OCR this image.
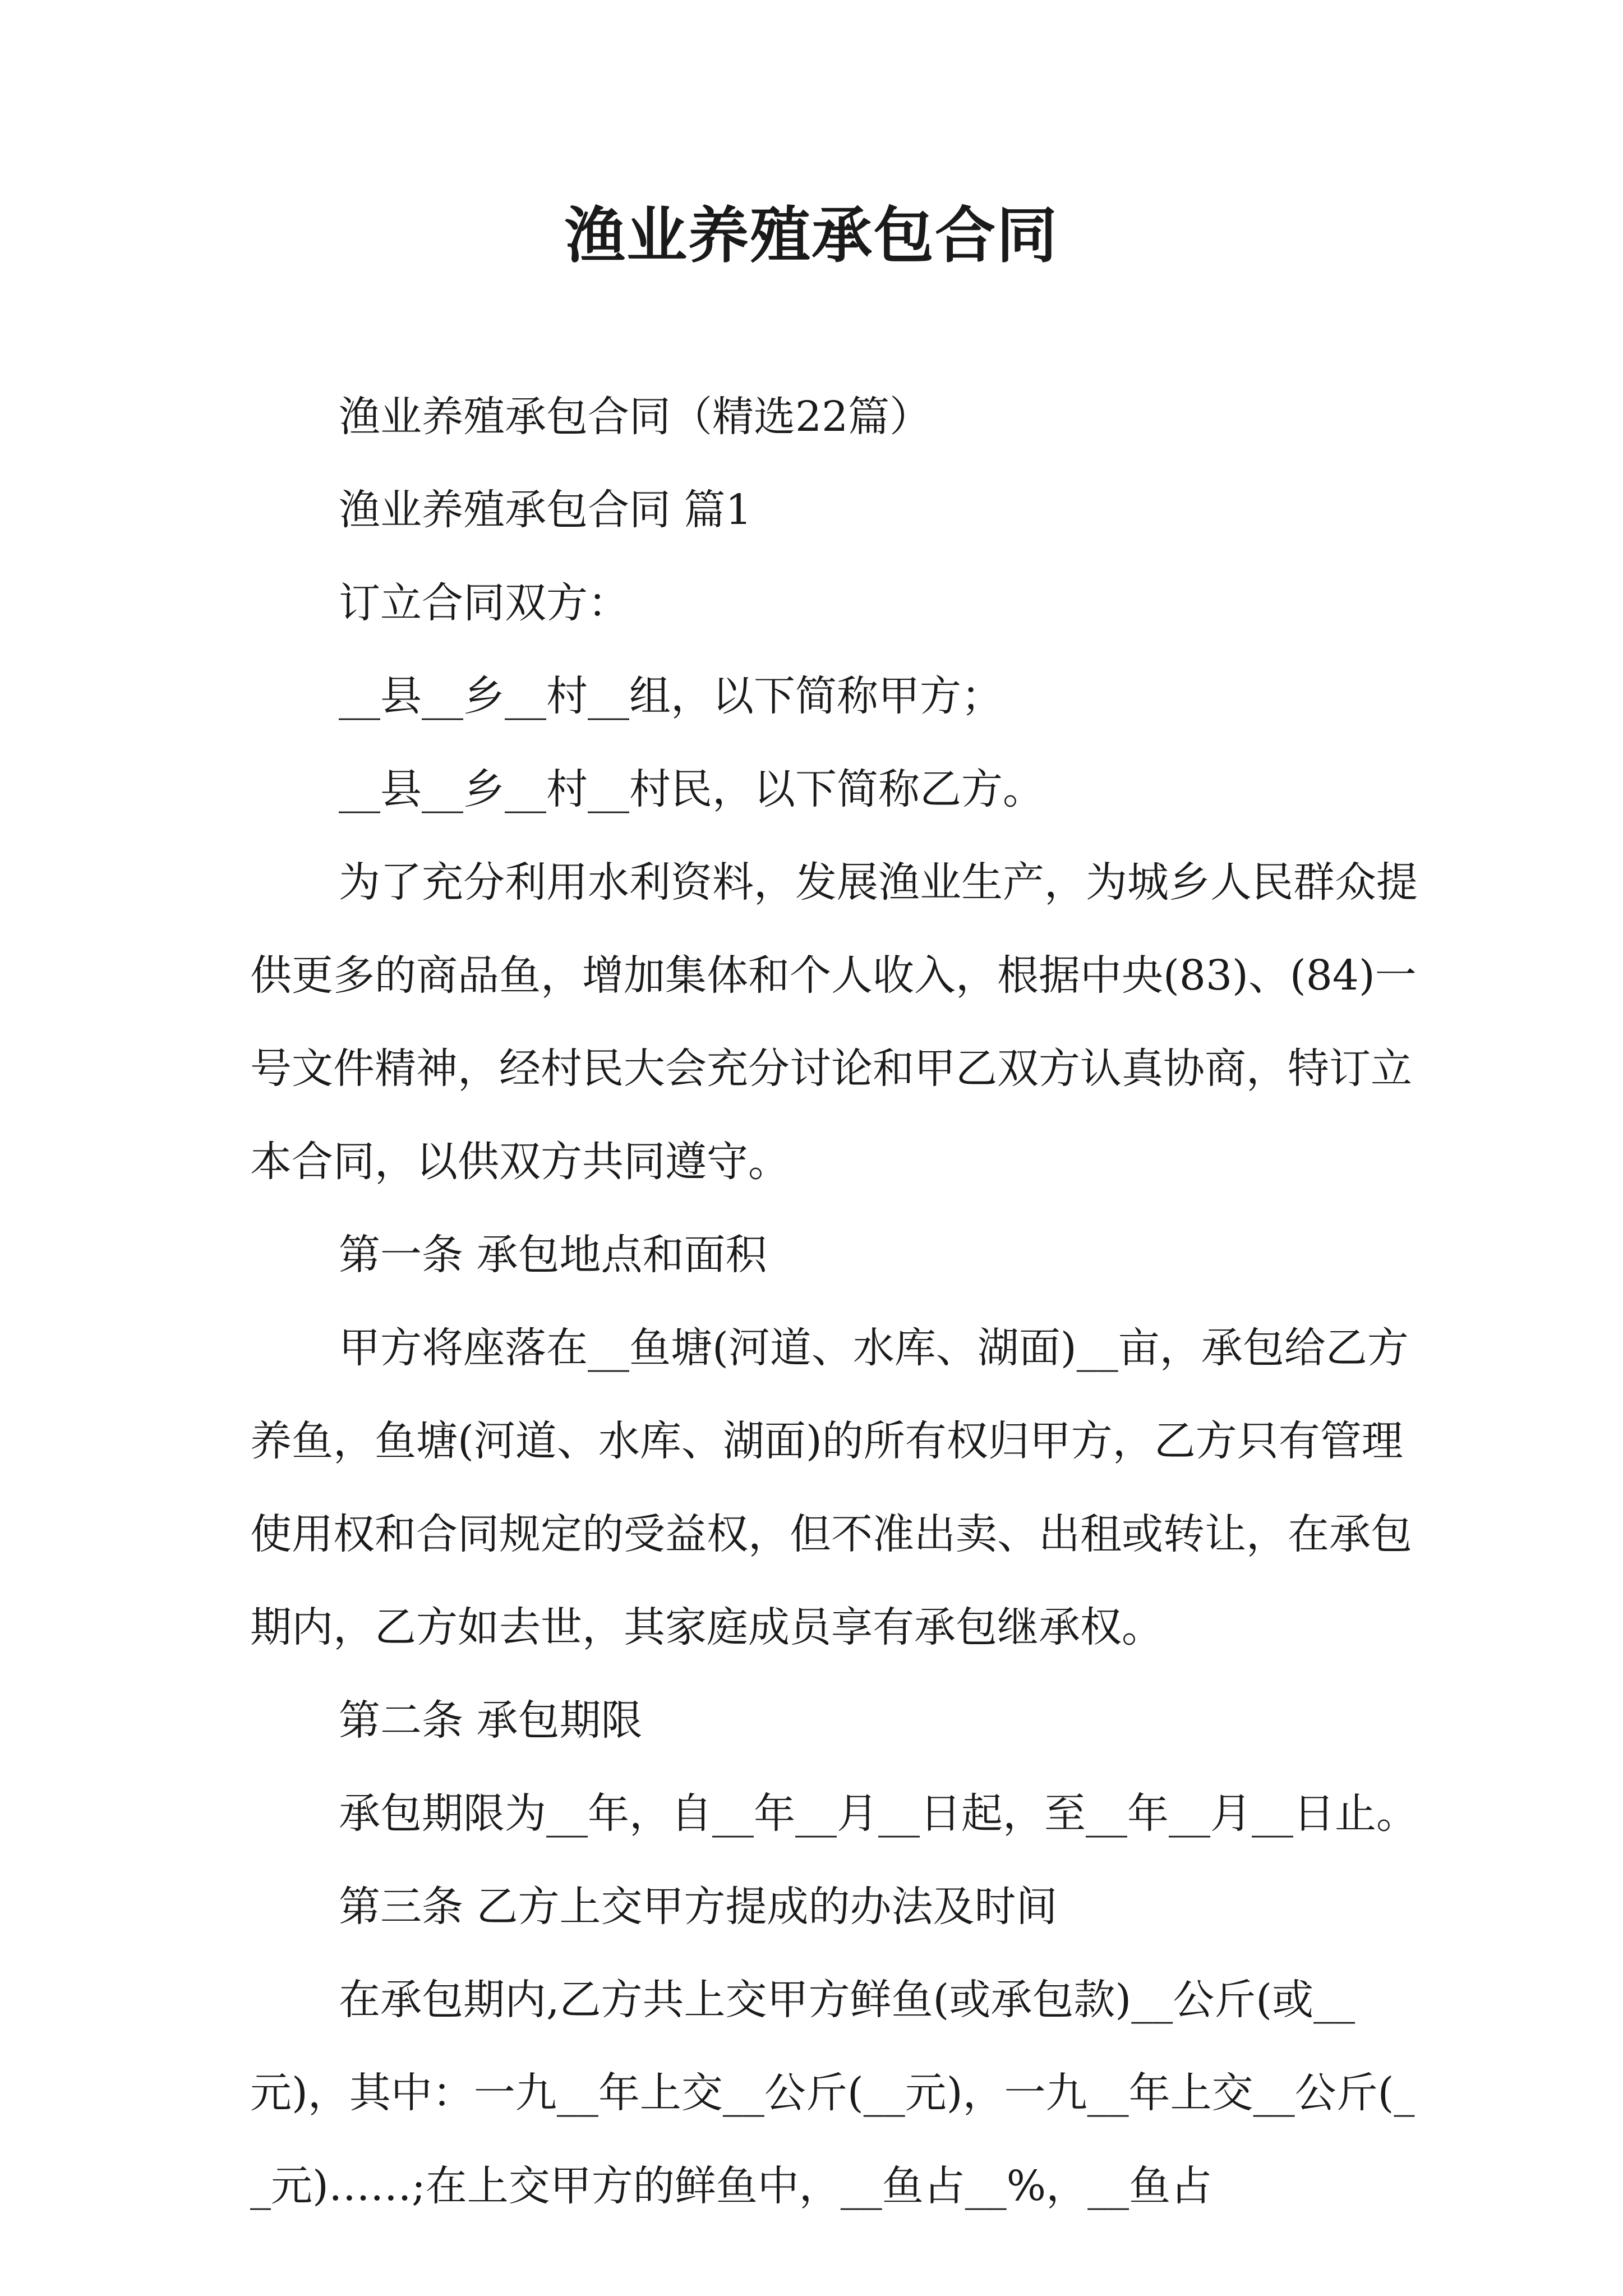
渔业养殖承包合同

渔业养殖承包合同（精选22篇）

渔业养殖承包合同 篇1

订立合同双方：

__县__乡__村__组，以下简称甲方；

__县__乡__村__村民，以下简称乙方。

为了充分利用水利资料，发展渔业生产，为城乡人民群众提供更多的商品鱼，增加集体和个人收入，根据中央(83)、(84)一号文件精神，经村民大会充分讨论和甲乙双方认真协商，特订立本合同，以供双方共同遵守。

第一条 承包地点和面积

甲方将座落在__鱼塘(河道、水库、湖面)__亩，承包给乙方养鱼，鱼塘(河道、水库、湖面)的所有权归甲方，乙方只有管理使用权和合同规定的受益权，但不准出卖、出租或转让，在承包期内，乙方如去世，其家庭成员享有承包继承权。

第二条 承包期限

承包期限为__年，自__年__月__日起，至__年__月__日止。

第三条 乙方上交甲方提成的办法及时间

在承包期内,乙方共上交甲方鲜鱼(或承包款)__公斤(或__元)，其中：一九__年上交__公斤(__元)，一九__年上交__公斤(__元)……;在上交甲方的鲜鱼中，__鱼占__%，__鱼占
